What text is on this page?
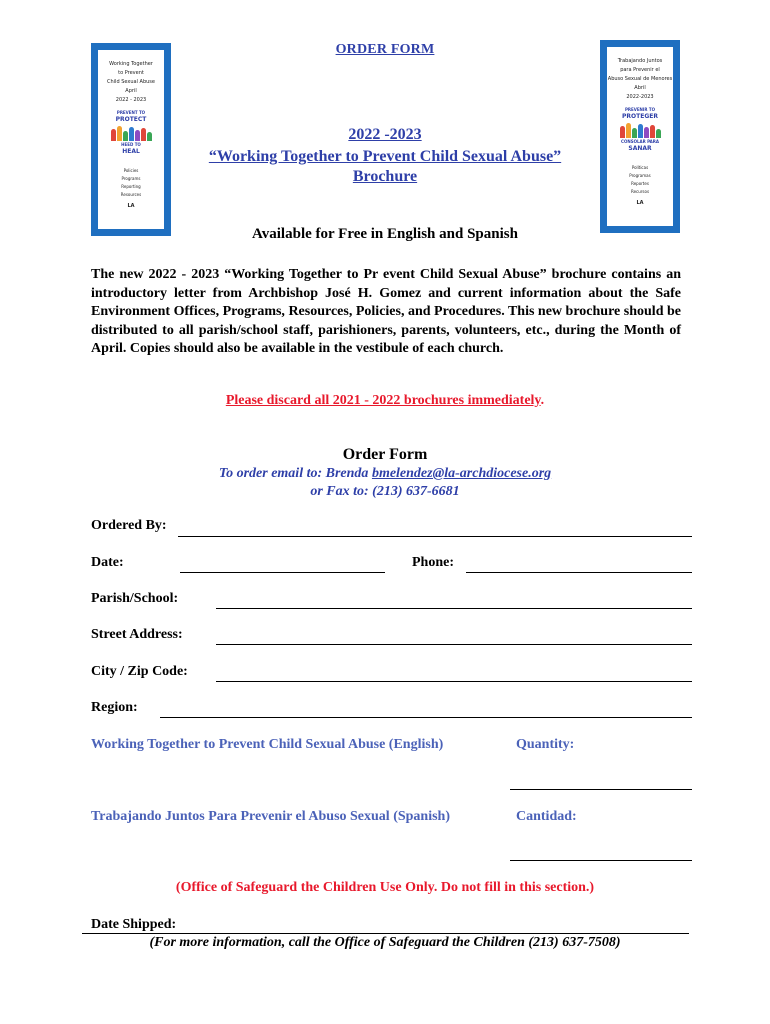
Working Together
to Prevent
Child Sexual Abuse
April
2022 - 2023
PREVENT TO
PROTECT
HEED TO
HEAL
Policies
Programs
Reporting
Resources
LA
Trabajando Juntos
para Prevenir el
Abuso Sexual de Menores
Abril
2022-2023
PREVENIR TO
PROTEGER
CONSOLAR PARA
SANAR
Políticas
Programas
Reportes
Recursos
LA
ORDER FORM
2022 -2023
“Working Together to Prevent Child Sexual Abuse”
Brochure
Available for Free in English and Spanish
The new 2022 - 2023 “Working Together to Pr event Child Sexual Abuse” brochure contains an introductory letter from Archbishop José H. Gomez and current information about the Safe Environment Offices, Programs, Resources, Policies, and Procedures. This new brochure should be distributed to all parish/school staff, parishioners, parents, volunteers, etc., during the Month of April. Copies should also be available in the vestibule of each church.
Please discard all 2021 - 2022 brochures immediately.
Order Form
To order email to: Brenda bmelendez@la-archdiocese.org
or Fax to: (213) 637-6681
Ordered By:
Date:	Phone:
Parish/School:
Street Address:
City / Zip Code:
Region:
Working Together to Prevent Child Sexual Abuse (English)	Quantity:
Trabajando Juntos Para Prevenir el Abuso Sexual (Spanish)	Cantidad:
(Office of Safeguard the Children Use Only. Do not fill in this section.)
Date Shipped:
(For more information, call the Office of Safeguard the Children (213) 637-7508)
